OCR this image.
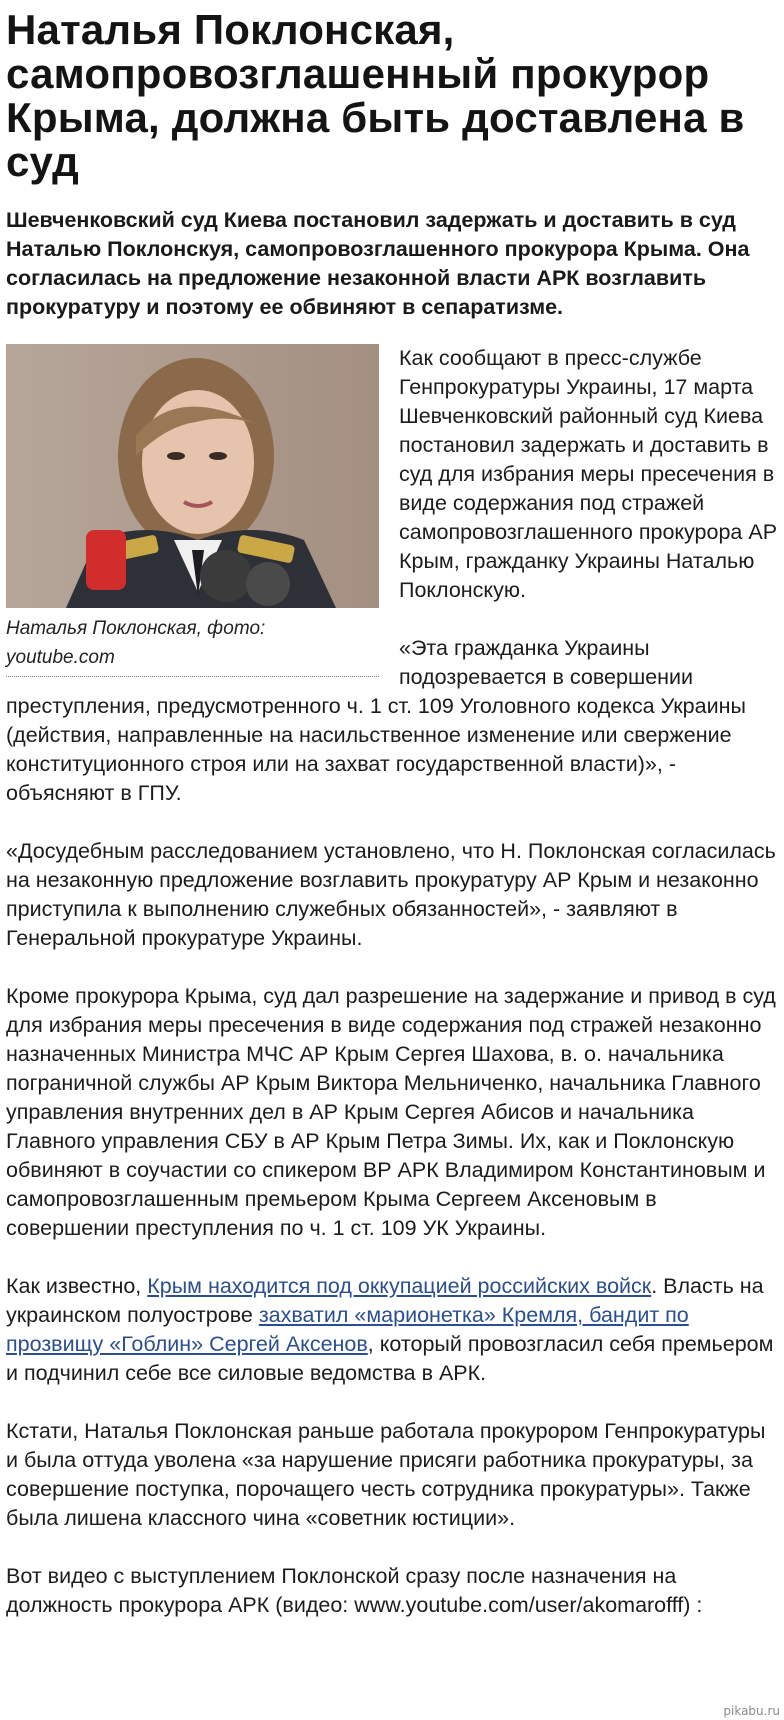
Наталья Поклонская, самопровозглашенный прокурор Крыма, должна быть доставлена в суд
Шевченковский суд Киева постановил задержать и доставить в суд Наталью Поклонскуя, самопровозглашенного прокурора Крыма. Она согласилась на предложение незаконной власти АРК возглавить прокуратуру и поэтому ее обвиняют в сепаратизме.
Наталья Поклонская, фото: youtube.com

Как сообщают в пресс-службе Генпрокуратуры Украины, 17 марта Шевченковский районный суд Киева постановил задержать и доставить в суд для избрания меры пресечения в виде содержания под стражей самопровозглашенного прокурора АР Крым, гражданку Украины Наталью Поклонскую.

«Эта гражданка Украины подозревается в совершении преступления, предусмотренного ч. 1 ст. 109 Уголовного кодекса Украины (действия, направленные на насильственное изменение или свержение конституционного строя или на захват государственной власти)», - объясняют в ГПУ.

«Досудебным расследованием установлено, что Н. Поклонская согласилась на незаконную предложение возглавить прокуратуру АР Крым и незаконно приступила к выполнению служебных обязанностей», - заявляют в Генеральной прокуратуре Украины.

Кроме прокурора Крыма, суд дал разрешение на задержание и привод в суд для избрания меры пресечения в виде содержания под стражей незаконно назначенных Министра МЧС АР Крым Сергея Шахова, в. о. начальника пограничной службы АР Крым Виктора Мельниченко, начальника Главного управления внутренних дел в АР Крым Сергея Абисов и начальника Главного управления СБУ в АР Крым Петра Зимы. Их, как и Поклонскую обвиняют в соучастии со спикером ВР АРК Владимиром Константиновым и самопровозглашенным премьером Крыма Сергеем Аксеновым в совершении преступления по ч. 1 ст. 109 УК Украины.

Как известно, Крым находится под оккупацией российских войск. Власть на украинском полуострове захватил «марионетка» Кремля, бандит по прозвищу «Гоблин» Сергей Аксенов, который провозгласил себя премьером и подчинил себе все силовые ведомства в АРК.

Кстати, Наталья Поклонская раньше работала прокурором Генпрокуратуры и была оттуда уволена «за нарушение присяги работника прокуратуры, за совершение поступка, порочащего честь сотрудника прокуратуры». Также была лишена классного чина «советник юстиции».

Вот видео с выступлением Поклонской сразу после назначения на должность прокурора АРК (видео: www.youtube.com/user/akomarofff) :

pikabu.ru
